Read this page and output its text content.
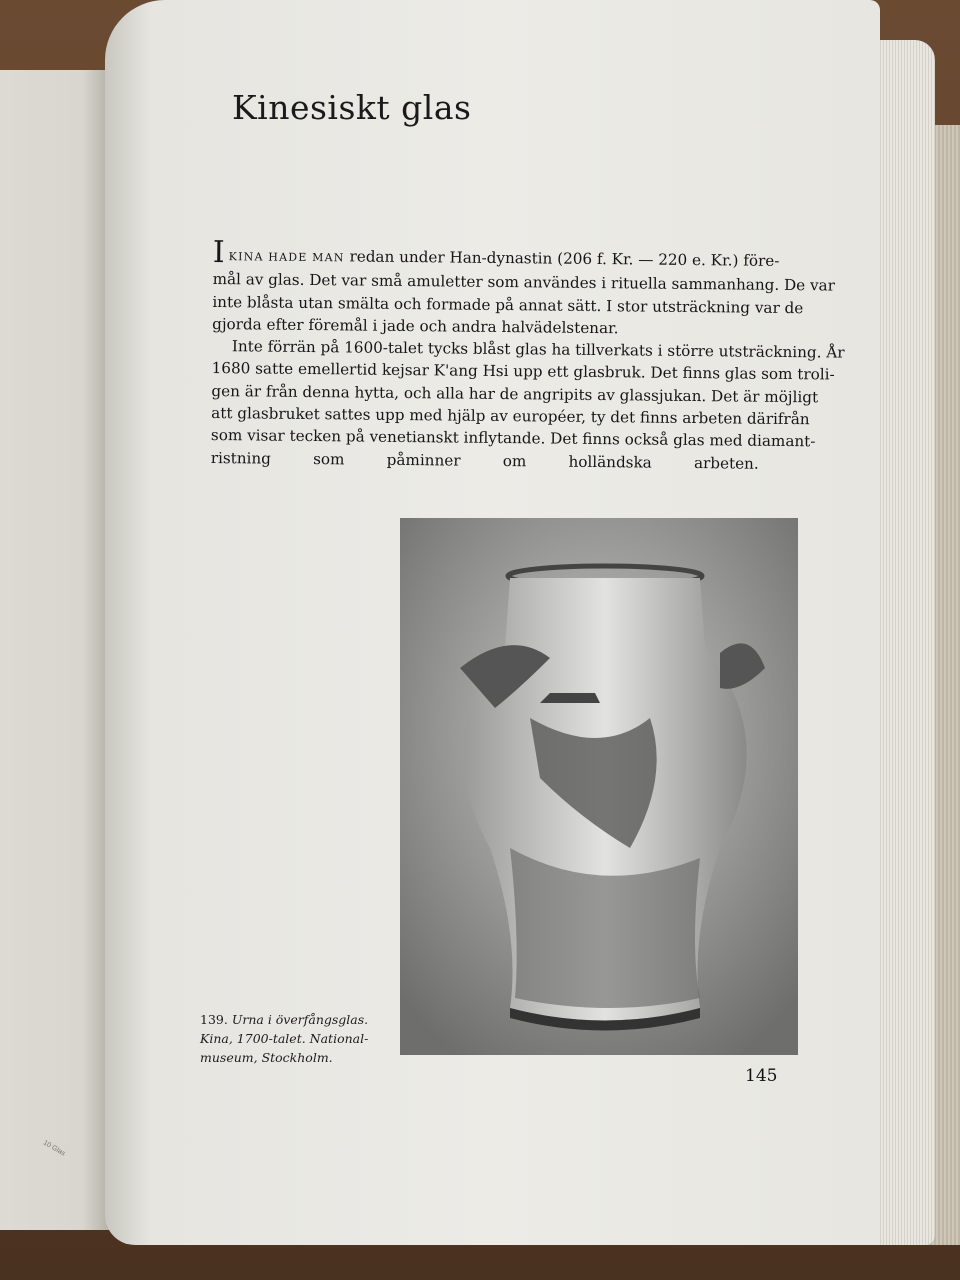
10 Glas
Kinesiskt glas
IKINA HADE MAN redan under Han-dynastin (206 f. Kr. — 220 e. Kr.) före-
mål av glas. Det var små amuletter som användes i rituella sammanhang. De var
inte blåsta utan smälta och formade på annat sätt. I stor utsträckning var de
gjorda efter föremål i jade och andra halvädelstenar.
Inte förrän på 1600-talet tycks blåst glas ha tillverkats i större utsträckning. År
1680 satte emellertid kejsar K'ang Hsi upp ett glasbruk. Det finns glas som troli-
gen är från denna hytta, och alla har de angripits av glassjukan. Det är möjligt
att glasbruket sattes upp med hjälp av européer, ty det finns arbeten därifrån
som visar tecken på venetianskt inflytande. Det finns också glas med diamant-
ristning som påminner om holländska arbeten.
139. Urna i överfångsglas.
Kina, 1700-talet. National-
museum, Stockholm.
145
